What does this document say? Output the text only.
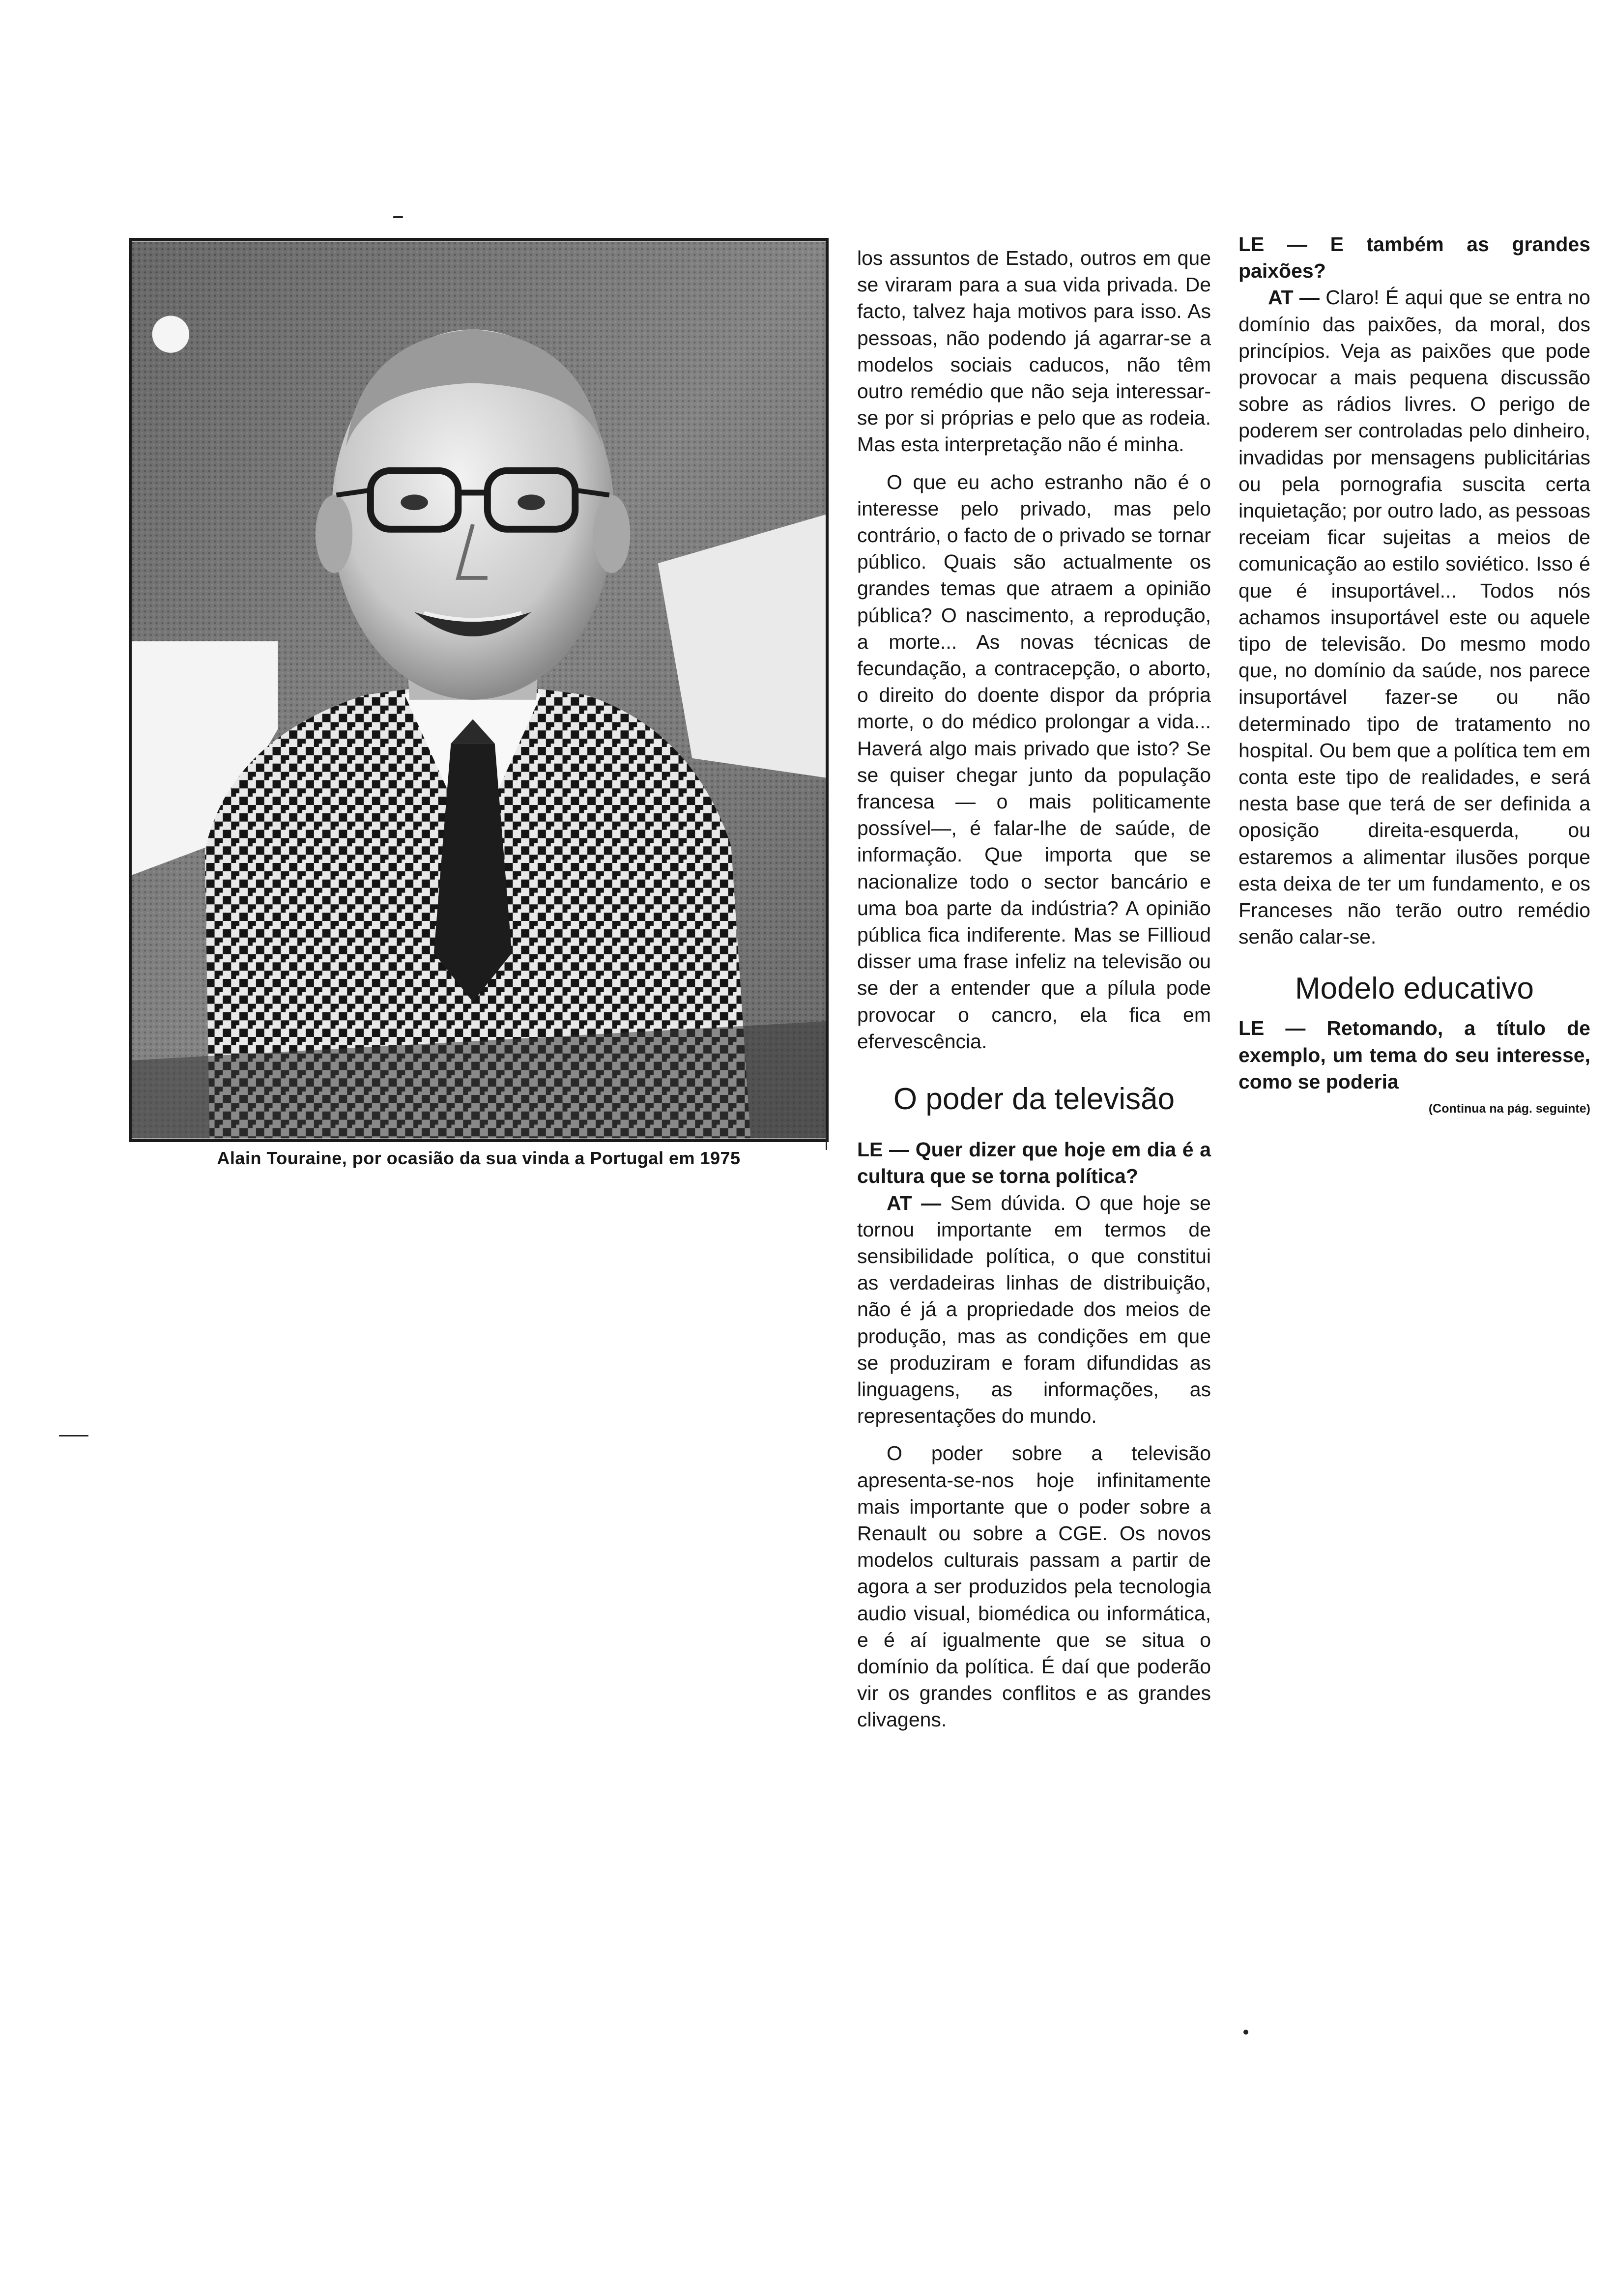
Alain Touraine, por ocasião da sua vinda a Portugal em 1975

los assuntos de Estado, outros em que se viraram para a sua vida privada. De facto, talvez haja motivos para isso. As pessoas, não podendo já agarrar-se a modelos sociais caducos, não têm outro remédio que não seja interessar-se por si próprias e pelo que as rodeia. Mas esta interpretação não é minha.

O que eu acho estranho não é o interesse pelo privado, mas pelo contrário, o facto de o privado se tornar público. Quais são actualmente os grandes temas que atraem a opinião pública? O nascimento, a reprodução, a morte... As novas técnicas de fecundação, a contracepção, o aborto, o direito do doente dispor da própria morte, o do médico prolongar a vida... Haverá algo mais privado que isto? Se se quiser chegar junto da população francesa — o mais politicamente possível—, é falar-lhe de saúde, de informação. Que importa que se nacionalize todo o sector bancário e uma boa parte da indústria? A opinião pública fica indiferente. Mas se Fillioud disser uma frase infeliz na televisão ou se der a entender que a pílula pode provocar o cancro, ela fica em efervescência.

O poder da televisão

LE — Quer dizer que hoje em dia é a cultura que se torna política?

AT — Sem dúvida. O que hoje se tornou importante em termos de sensibilidade política, o que constitui as verdadeiras linhas de distribuição, não é já a propriedade dos meios de produção, mas as condições em que se produziram e foram difundidas as linguagens, as informações, as representações do mundo.

O poder sobre a televisão apresenta-se-nos hoje infinitamente mais importante que o poder sobre a Renault ou sobre a CGE. Os novos modelos culturais passam a partir de agora a ser produzidos pela tecnologia audio visual, biomédica ou informática, e é aí igualmente que se situa o domínio da política. É daí que poderão vir os grandes conflitos e as grandes clivagens.

LE — E também as grandes paixões?

AT — Claro! É aqui que se entra no domínio das paixões, da moral, dos princípios. Veja as paixões que pode provocar a mais pequena discussão sobre as rádios livres. O perigo de poderem ser controladas pelo dinheiro, invadidas por mensagens publicitárias ou pela pornografia suscita certa inquietação; por outro lado, as pessoas receiam ficar sujeitas a meios de comunicação ao estilo soviético. Isso é que é insuportável... Todos nós achamos insuportável este ou aquele tipo de televisão. Do mesmo modo que, no domínio da saúde, nos parece insuportável fazer-se ou não determinado tipo de tratamento no hospital. Ou bem que a política tem em conta este tipo de realidades, e será nesta base que terá de ser definida a oposição direita-esquerda, ou estaremos a alimentar ilusões porque esta deixa de ter um fundamento, e os Franceses não terão outro remédio senão calar-se.

Modelo educativo

LE — Retomando, a título de exemplo, um tema do seu interesse, como se poderia

(Continua na pág. seguinte)
